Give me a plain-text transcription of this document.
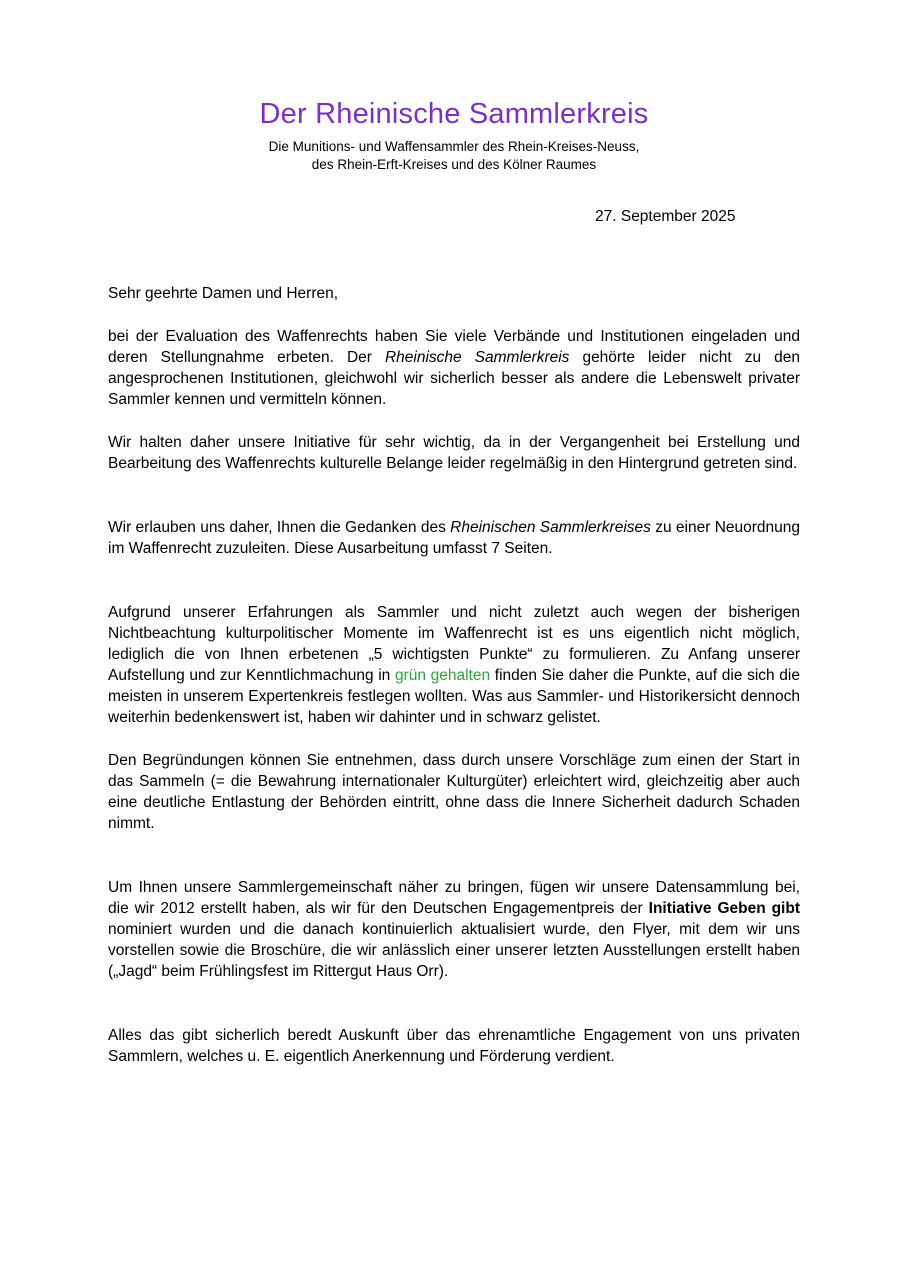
Der Rheinische Sammlerkreis
Die Munitions- und Waffensammler des Rhein-Kreises-Neuss,
des Rhein-Erft-Kreises und des Kölner Raumes
27. September 2025

Sehr geehrte Damen und Herren,

bei der Evaluation des Waffenrechts haben Sie viele Verbände und Institutionen eingeladen und deren Stellungnahme erbeten. Der Rheinische Sammlerkreis gehörte leider nicht zu den angesprochenen Institutionen, gleichwohl wir sicherlich besser als andere die Lebenswelt privater Sammler kennen und vermitteln können.

Wir halten daher unsere Initiative für sehr wichtig, da in der Vergangenheit bei Erstellung und Bearbeitung des Waffenrechts kulturelle Belange leider regelmäßig in den Hintergrund getreten sind.

Wir erlauben uns daher, Ihnen die Gedanken des Rheinischen Sammlerkreises zu einer Neuordnung im Waffenrecht zuzuleiten. Diese Ausarbeitung umfasst 7 Seiten.

Aufgrund unserer Erfahrungen als Sammler und nicht zuletzt auch wegen der bisherigen Nichtbeachtung kulturpolitischer Momente im Waffenrecht ist es uns eigentlich nicht möglich, lediglich die von Ihnen erbetenen „5 wichtigsten Punkte“ zu formulieren. Zu Anfang unserer Aufstellung und zur Kenntlichmachung in grün gehalten finden Sie daher die Punkte, auf die sich die meisten in unserem Expertenkreis festlegen wollten. Was aus Sammler- und Historikersicht dennoch weiterhin bedenkenswert ist, haben wir dahinter und in schwarz gelistet.

Den Begründungen können Sie entnehmen, dass durch unsere Vorschläge zum einen der Start in das Sammeln (= die Bewahrung internationaler Kulturgüter) erleichtert wird, gleichzeitig aber auch eine deutliche Entlastung der Behörden eintritt, ohne dass die Innere Sicherheit dadurch Schaden nimmt.

Um Ihnen unsere Sammlergemeinschaft näher zu bringen, fügen wir unsere Datensammlung bei, die wir 2012 erstellt haben, als wir für den Deutschen Engagementpreis der Initiative Geben gibt nominiert wurden und die danach kontinuierlich aktualisiert wurde, den Flyer, mit dem wir uns vorstellen sowie die Broschüre, die wir anlässlich einer unserer letzten Ausstellungen erstellt haben („Jagd“ beim Frühlingsfest im Rittergut Haus Orr).

Alles das gibt sicherlich beredt Auskunft über das ehrenamtliche Engagement von uns privaten Sammlern, welches u. E. eigentlich Anerkennung und Förderung verdient.
